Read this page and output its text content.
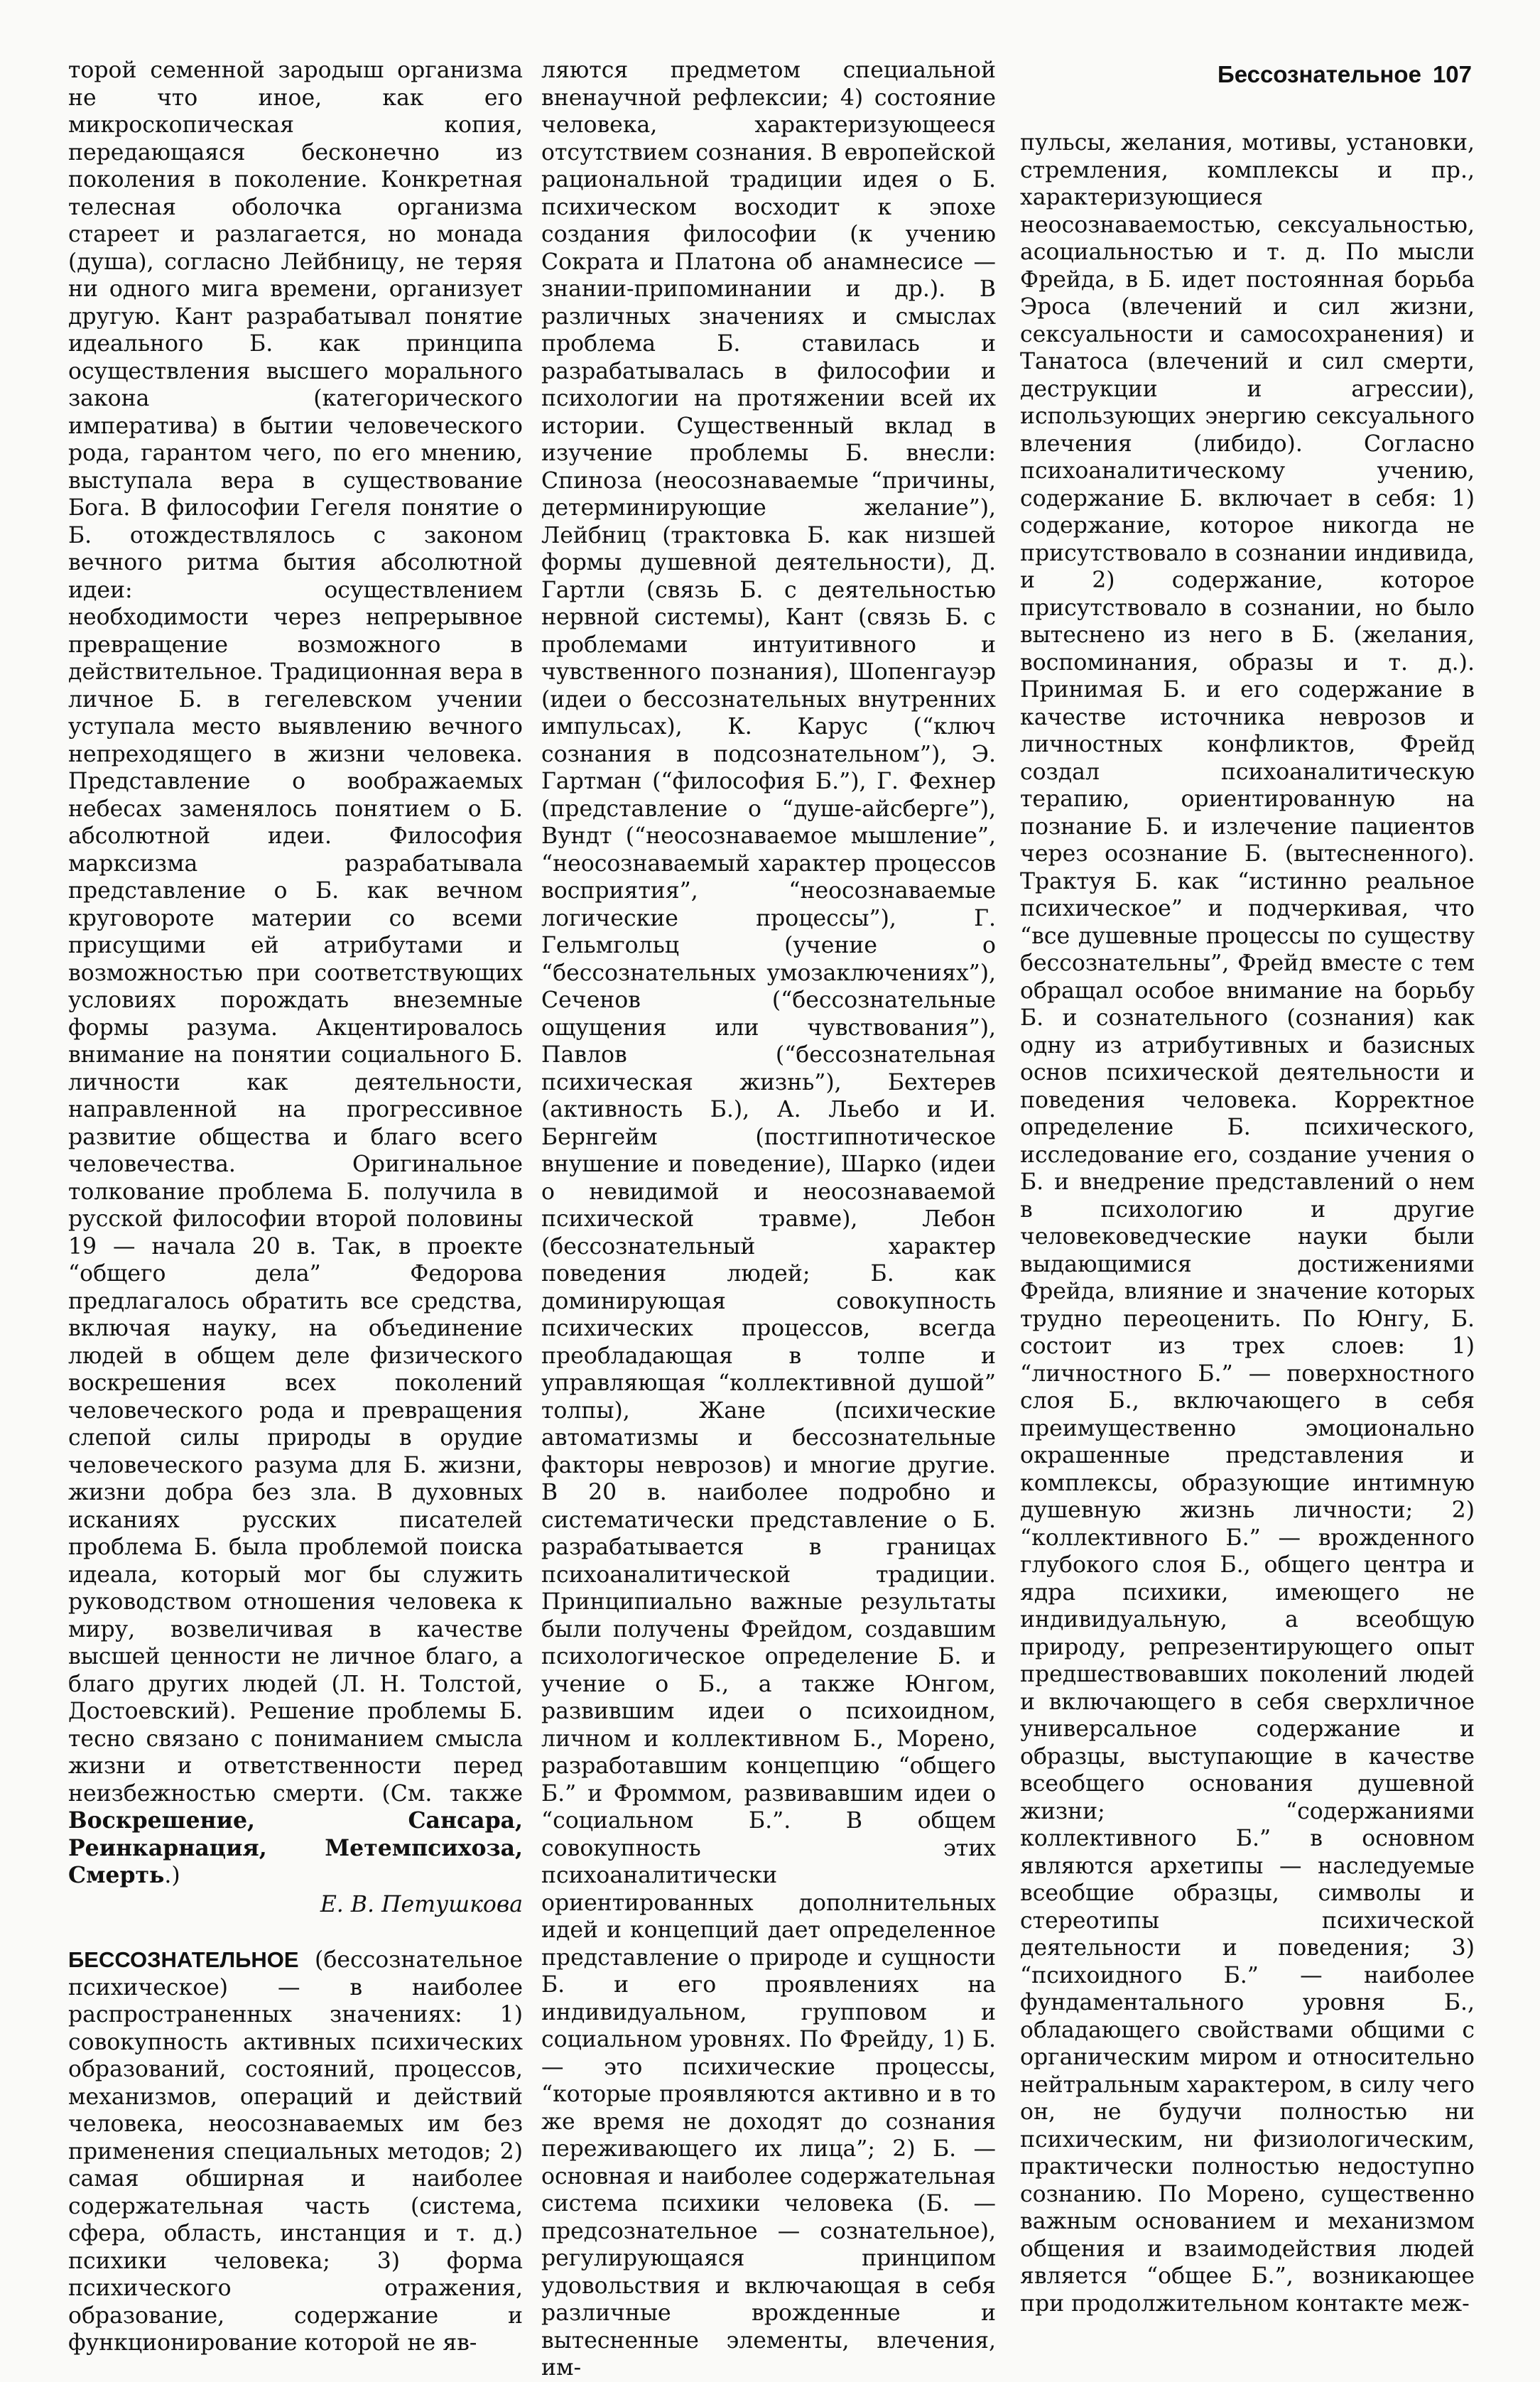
Бессознательное 107

торой семенной зародыш организма не что иное, как его микроскопическая копия, передающаяся бесконечно из поколения в поколение. Конкретная телесная оболочка организма стареет и разлагается, но монада (душа), согласно Лейбницу, не теряя ни одного мига времени, организует другую. Кант разрабатывал понятие идеального Б. как принципа осуществления высшего морального закона (категорического императива) в бытии человеческого рода, гарантом чего, по его мнению, выступала вера в существование Бога. В философии Гегеля понятие о Б. отождествлялось с законом вечного ритма бытия абсолютной идеи: осуществлением необходимости через непрерывное превращение возможного в действительное. Традиционная вера в личное Б. в гегелевском учении уступала место выявлению вечного непреходящего в жизни человека. Представление о воображаемых небесах заменялось понятием о Б. абсолютной идеи. Философия марксизма разрабатывала представление о Б. как вечном круговороте материи со всеми присущими ей атрибутами и возможностью при соответствующих условиях порождать внеземные формы разума. Акцентировалось внимание на понятии социального Б. личности как деятельности, направленной на прогрессивное развитие общества и благо всего человечества. Оригинальное толкование проблема Б. получила в русской философии второй половины 19 — начала 20 в. Так, в проекте “общего дела” Федорова предлагалось обратить все средства, включая науку, на объединение людей в общем деле физического воскрешения всех поколений человеческого рода и превращения слепой силы природы в орудие человеческого разума для Б. жизни, жизни добра без зла. В духовных исканиях русских писателей проблема Б. была проблемой поиска идеала, который мог бы служить руководством отношения человека к миру, возвеличивая в качестве высшей ценности не личное благо, а благо других людей (Л. Н. Толстой, Достоевский). Решение проблемы Б. тесно связано с пониманием смысла жизни и ответственности перед неизбежностью смерти. (См. также Воскрешение, Сансара, Реинкарнация, Метемпсихоза, Смерть.)

Е. В. Петушкова

БЕССОЗНАТЕЛЬНОЕ (бессознательное психическое) — в наиболее распространенных значениях: 1) совокупность активных психических образований, состояний, процессов, механизмов, операций и действий человека, неосознаваемых им без применения специальных методов; 2) самая обширная и наиболее содержательная часть (система, сфера, область, инстанция и т. д.) психики человека; 3) форма психического отражения, образование, содержание и функционирование которой не яв-

ляются предметом специальной вненаучной рефлексии; 4) состояние человека, характеризующееся отсутствием сознания. В европейской рациональной традиции идея о Б. психическом восходит к эпохе создания философии (к учению Сократа и Платона об анамнесисе — знании-припоминании и др.). В различных значениях и смыслах проблема Б. ставилась и разрабатывалась в философии и психологии на протяжении всей их истории. Существенный вклад в изучение проблемы Б. внесли: Спиноза (неосознаваемые “причины, детерминирующие желание”), Лейбниц (трактовка Б. как низшей формы душевной деятельности), Д. Гартли (связь Б. с деятельностью нервной системы), Кант (связь Б. с проблемами интуитивного и чувственного познания), Шопенгауэр (идеи о бессознательных внутренних импульсах), К. Карус (“ключ сознания в подсознательном”), Э. Гартман (“философия Б.”), Г. Фехнер (представление о “душе-айсберге”), Вундт (“неосознаваемое мышление”, “неосознаваемый характер процессов восприятия”, “неосознаваемые логические процессы”), Г. Гельмгольц (учение о “бессознательных умозаключениях”), Сеченов (“бессознательные ощущения или чувствования”), Павлов (“бессознательная психическая жизнь”), Бехтерев (активность Б.), А. Льебо и И. Бернгейм (постгипнотическое внушение и поведение), Шарко (идеи о невидимой и неосознаваемой психической травме), Лебон (бессознательный характер поведения людей; Б. как доминирующая совокупность психических процессов, всегда преобладающая в толпе и управляющая “коллективной душой” толпы), Жане (психические автоматизмы и бессознательные факторы неврозов) и многие другие. В 20 в. наиболее подробно и систематически представление о Б. разрабатывается в границах психоаналитической традиции. Принципиально важные результаты были получены Фрейдом, создавшим психологическое определение Б. и учение о Б., а также Юнгом, развившим идеи о психоидном, личном и коллективном Б., Морено, разработавшим концепцию “общего Б.” и Фроммом, развивавшим идеи о “социальном Б.”. В общем совокупность этих психоаналитически ориентированных дополнительных идей и концепций дает определенное представление о природе и сущности Б. и его проявлениях на индивидуальном, групповом и социальном уровнях. По Фрейду, 1) Б. — это психические процессы, “которые проявляются активно и в то же время не доходят до сознания переживающего их лица”; 2) Б. — основная и наиболее содержательная система психики человека (Б. — предсознательное — сознательное), регулирующаяся принципом удовольствия и включающая в себя различные врожденные и вытесненные элементы, влечения, им-

пульсы, желания, мотивы, установки, стремления, комплексы и пр., характеризующиеся неосознаваемостью, сексуальностью, асоциальностью и т. д. По мысли Фрейда, в Б. идет постоянная борьба Эроса (влечений и сил жизни, сексуальности и самосохранения) и Танатоса (влечений и сил смерти, деструкции и агрессии), использующих энергию сексуального влечения (либидо). Согласно психоаналитическому учению, содержание Б. включает в себя: 1) содержание, которое никогда не присутствовало в сознании индивида, и 2) содержание, которое присутствовало в сознании, но было вытеснено из него в Б. (желания, воспоминания, образы и т. д.). Принимая Б. и его содержание в качестве источника неврозов и личностных конфликтов, Фрейд создал психоаналитическую терапию, ориентированную на познание Б. и излечение пациентов через осознание Б. (вытесненного). Трактуя Б. как “истинно реальное психическое” и подчеркивая, что “все душевные процессы по существу бессознательны”, Фрейд вместе с тем обращал особое внимание на борьбу Б. и сознательного (сознания) как одну из атрибутивных и базисных основ психической деятельности и поведения человека. Корректное определение Б. психического, исследование его, создание учения о Б. и внедрение представлений о нем в психологию и другие человековедческие науки были выдающимися достижениями Фрейда, влияние и значение которых трудно переоценить. По Юнгу, Б. состоит из трех слоев: 1) “личностного Б.” — поверхностного слоя Б., включающего в себя преимущественно эмоционально окрашенные представления и комплексы, образующие интимную душевную жизнь личности; 2) “коллективного Б.” — врожденного глубокого слоя Б., общего центра и ядра психики, имеющего не индивидуальную, а всеобщую природу, репрезентирующего опыт предшествовавших поколений людей и включающего в себя сверхличное универсальное содержание и образцы, выступающие в качестве всеобщего основания душевной жизни; “содержаниями коллективного Б.” в основном являются архетипы — наследуемые всеобщие образцы, символы и стереотипы психической деятельности и поведения; 3) “психоидного Б.” — наиболее фундаментального уровня Б., обладающего свойствами общими с органическим миром и относительно нейтральным характером, в силу чего он, не будучи полностью ни психическим, ни физиологическим, практически полностью недоступно сознанию. По Морено, существенно важным основанием и механизмом общения и взаимодействия людей является “общее Б.”, возникающее при продолжительном контакте меж-
